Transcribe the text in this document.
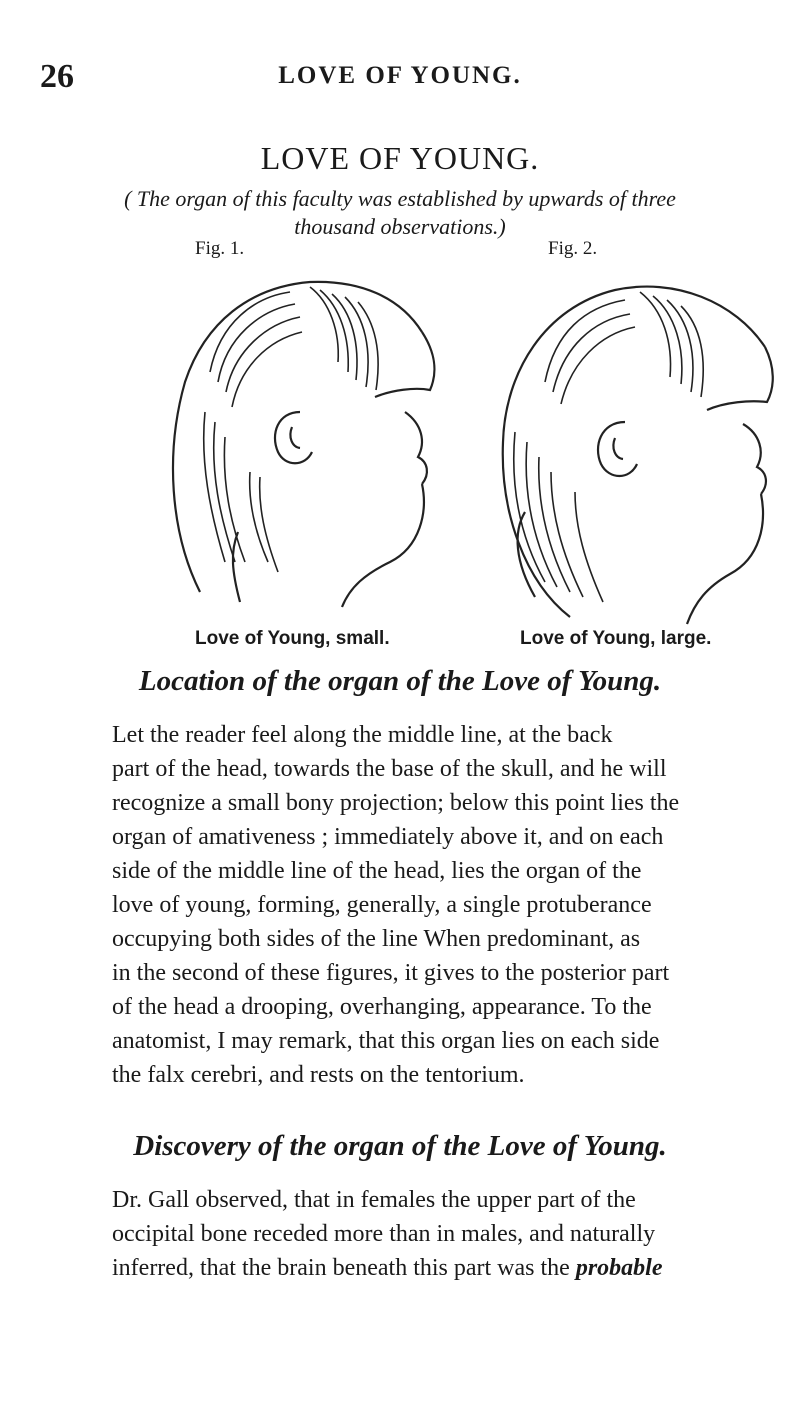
26	LOVE OF YOUNG.
LOVE OF YOUNG.
( The organ of this faculty was established by upwards of three thousand observations.)
Fig. 1.	Fig. 2.
Love of Young, small.	Love of Young, large.
Location of the organ of the Love of Young.
Let the reader feel along the middle line, at the back
part of the head, towards the base of the skull, and he will
recognize a small bony projection; below this point lies the
organ of amativeness ; immediately above it, and on each
side of the middle line of the head, lies the organ of the
love of young, forming, generally, a single protuberance
occupying both sides of the line When predominant, as
in the second of these figures, it gives to the posterior part
of the head a drooping, overhanging, appearance. To the
anatomist, I may remark, that this organ lies on each side
the falx cerebri, and rests on the tentorium.
Discovery of the organ of the Love of Young.
Dr. Gall observed, that in females the upper part of the
occipital bone receded more than in males, and naturally
inferred, that the brain beneath this part was the probable
